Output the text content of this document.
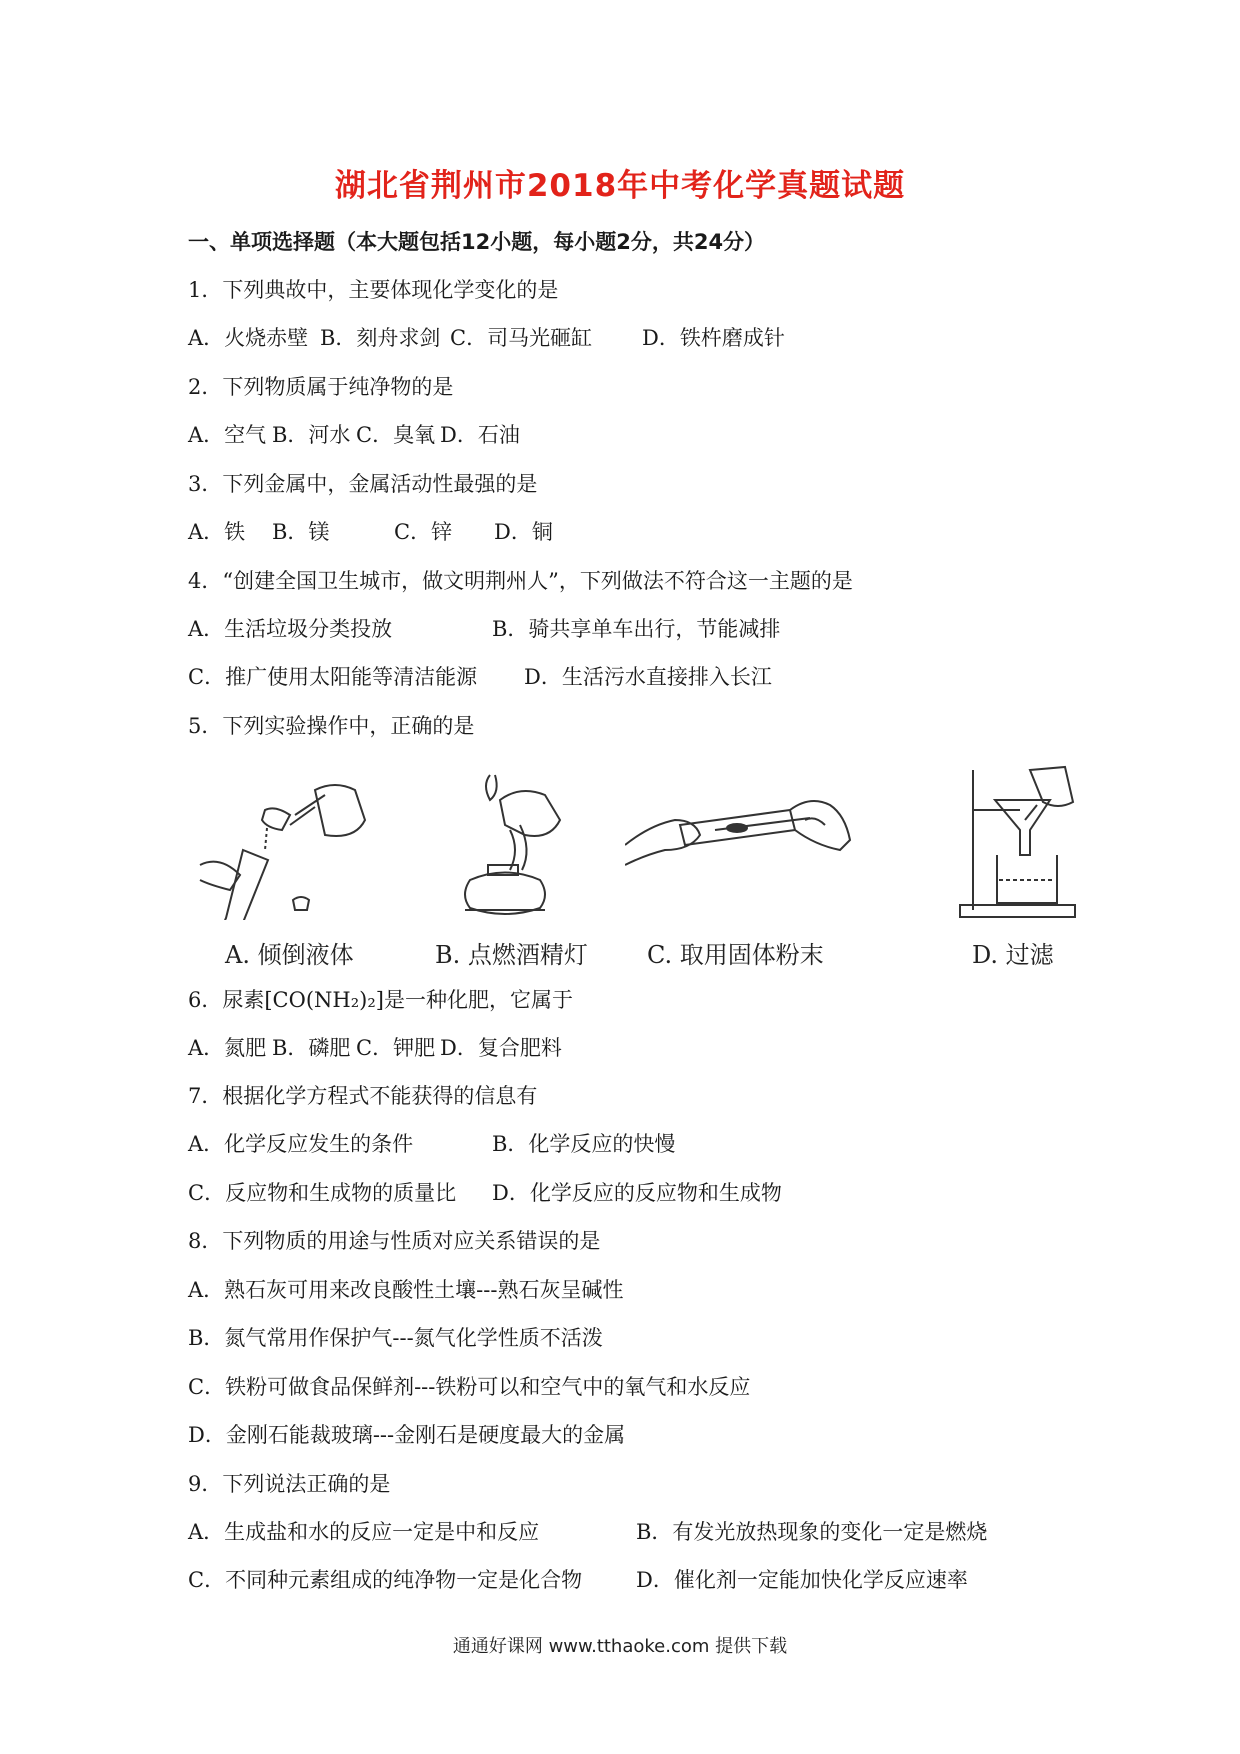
湖北省荆州市2018年中考化学真题试题
一、单项选择题（本大题包括12小题，每小题2分，共24分）
1．下列典故中，主要体现化学变化的是
A．火烧赤壁 B．刻舟求剑 C．司马光砸缸 D．铁杵磨成针
2．下列物质属于纯净物的是
A．空气 B．河水 C．臭氧 D．石油
3．下列金属中，金属活动性最强的是
A．铁 B．镁	C．锌 D．铜
4．“创建全国卫生城市，做文明荆州人”，下列做法不符合这一主题的是
A．生活垃圾分类投放	B．骑共享单车出行，节能减排
C．推广使用太阳能等清洁能源 D．生活污水直接排入长江
5．下列实验操作中，正确的是
A. 倾倒液体	B. 点燃酒精灯 C. 取用固体粉末	D. 过滤
6．尿素[CO(NH₂)₂]是一种化肥，它属于
A．氮肥 B．磷肥 C．钾肥 D．复合肥料
7．根据化学方程式不能获得的信息有
A．化学反应发生的条件	B．化学反应的快慢
C．反应物和生成物的质量比 D．化学反应的反应物和生成物
8．下列物质的用途与性质对应关系错误的是
A．熟石灰可用来改良酸性土壤---熟石灰呈碱性
B．氮气常用作保护气---氮气化学性质不活泼
C．铁粉可做食品保鲜剂---铁粉可以和空气中的氧气和水反应
D．金刚石能裁玻璃---金刚石是硬度最大的金属
9．下列说法正确的是
A．生成盐和水的反应一定是中和反应	B．有发光放热现象的变化一定是燃烧
C．不同种元素组成的纯净物一定是化合物	D．催化剂一定能加快化学反应速率
通通好课网 www.tthaoke.com 提供下载
